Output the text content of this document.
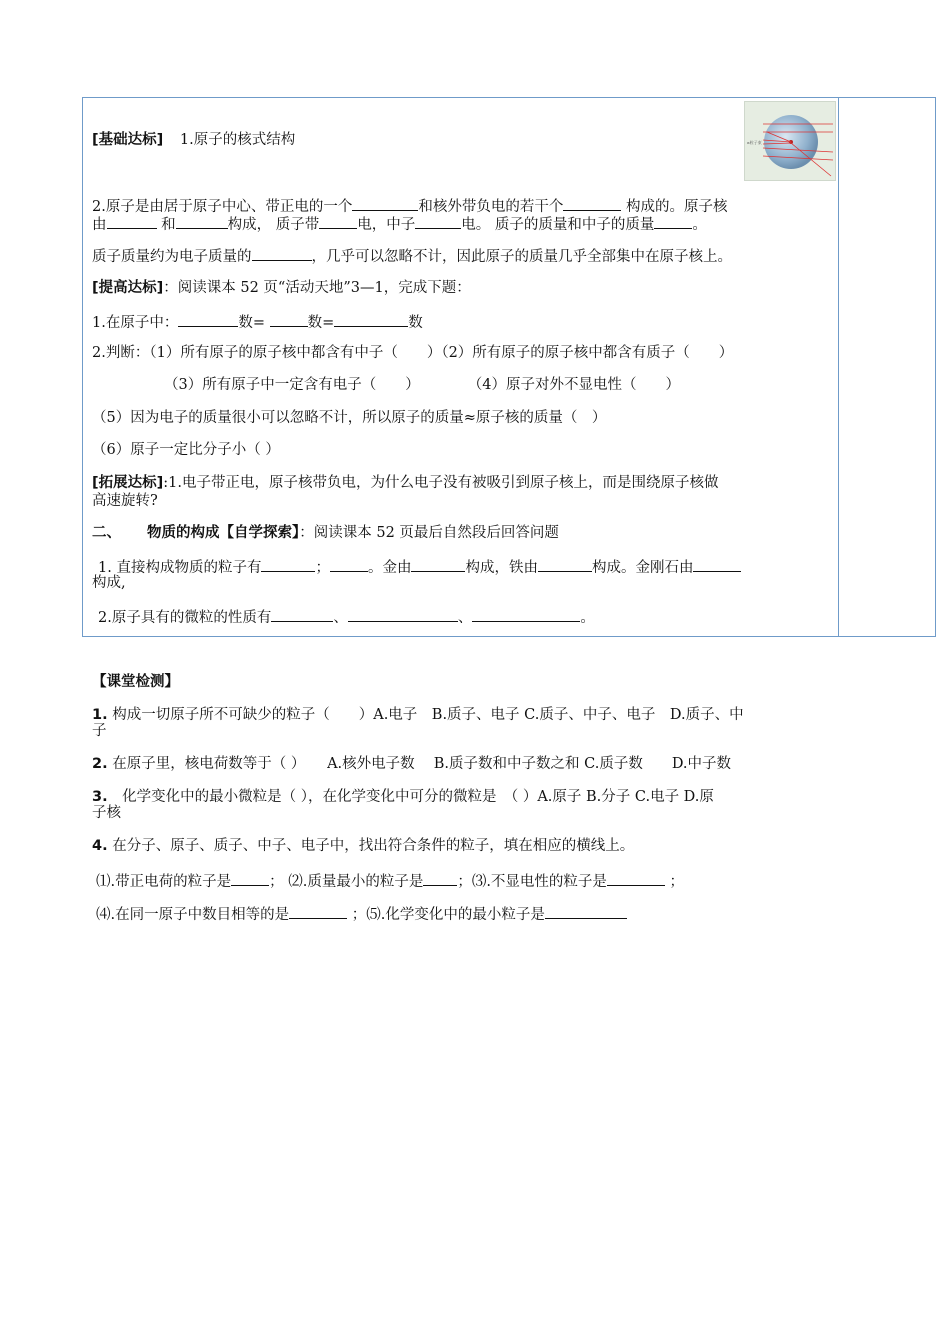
α粒子束
[基础达标] 1.原子的核式结构
2.原子是由居于原子中心、带正电的一个	和核外带负电的若干个	构成的。原子核
由	和	构成， 质子带	电，中子	电。 质子的质量和中子的质量	。
质子质量约为电子质量的	，几乎可以忽略不计，因此原子的质量几乎全部集中在原子核上。
[提高达标]：阅读课本 52 页“活动天地”3—1，完成下题：
1.在原子中：	数=	数=	数
2.判断：（1）所有原子的原子核中都含有中子（　　）（2）所有原子的原子核中都含有质子（　　）
（3）所有原子中一定含有电子（　　）	（4）原子对外不显电性（　　）
（5）因为电子的质量很小可以忽略不计，所以原子的质量≈原子核的质量（　）
（6）原子一定比分子小（ ）
[拓展达标]:1.电子带正电，原子核带负电，为什么电子没有被吸引到原子核上，而是围绕原子核做
高速旋转?
二、 物质的构成【自学探索】：阅读课本 52 页最后自然段后回答问题
1. 直接构成物质的粒子有	；	。金由	构成，铁由	构成。金刚石由
构成,
2.原子具有的微粒的性质有	、	、	。
【课堂检测】
1. 构成一切原子所不可缺少的粒子（　　）A.电子　B.质子、电子 C.质子、中子、电子　D.质子、中
子
2. 在原子里，核电荷数等于（ ）　　A.核外电子数　 B.质子数和中子数之和 C.质子数　　D.中子数
3.　化学变化中的最小微粒是（ ），在化学变化中可分的微粒是　（ ）A.原子 B.分子 C.电子 D.原
子核
4. 在分子、原子、质子、中子、电子中，找出符合条件的粒子，填在相应的横线上。
⑴.带正电荷的粒子是	； ⑵.质量最小的粒子是 ；⑶.不显电性的粒子是	；
⑷.在同一原子中数目相等的是	；⑸.化学变化中的最小粒子是
